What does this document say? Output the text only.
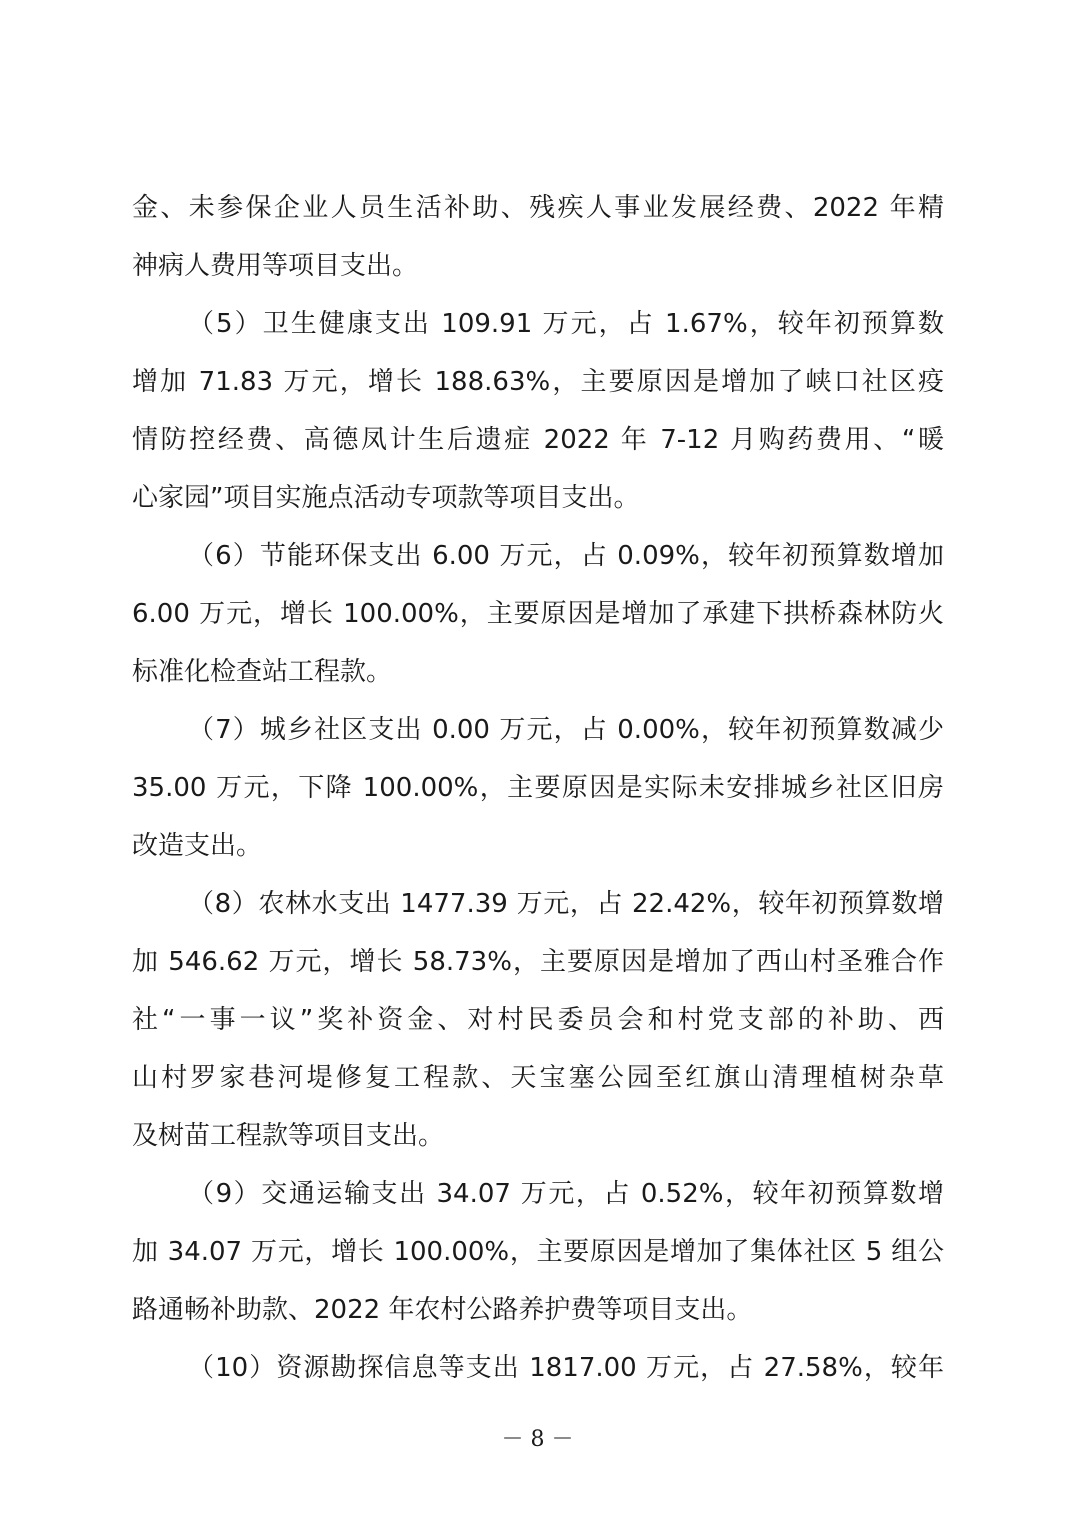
金、未参保企业人员生活补助、残疾人事业发展经费、2022 年精
神病人费用等项目支出。
（5）卫生健康支出 109.91 万元，占 1.67%，较年初预算数
增加 71.83 万元，增长 188.63%，主要原因是增加了峡口社区疫
情防控经费、高德凤计生后遗症 2022 年 7-12 月购药费用、“暖
心家园”项目实施点活动专项款等项目支出。
（6）节能环保支出 6.00 万元，占 0.09%，较年初预算数增加
6.00 万元，增长 100.00%，主要原因是增加了承建下拱桥森林防火
标准化检查站工程款。
（7）城乡社区支出 0.00 万元，占 0.00%，较年初预算数减少
35.00 万元，下降 100.00%，主要原因是实际未安排城乡社区旧房
改造支出。
（8）农林水支出 1477.39 万元，占 22.42%，较年初预算数增
加 546.62 万元，增长 58.73%，主要原因是增加了西山村圣雅合作
社“一事一议”奖补资金、对村民委员会和村党支部的补助、西
山村罗家巷河堤修复工程款、天宝塞公园至红旗山清理植树杂草
及树苗工程款等项目支出。
（9）交通运输支出 34.07 万元，占 0.52%，较年初预算数增
加 34.07 万元，增长 100.00%，主要原因是增加了集体社区 5 组公
路通畅补助款、2022 年农村公路养护费等项目支出。
（10）资源勘探信息等支出 1817.00 万元，占 27.58%，较年
－ 8 －
